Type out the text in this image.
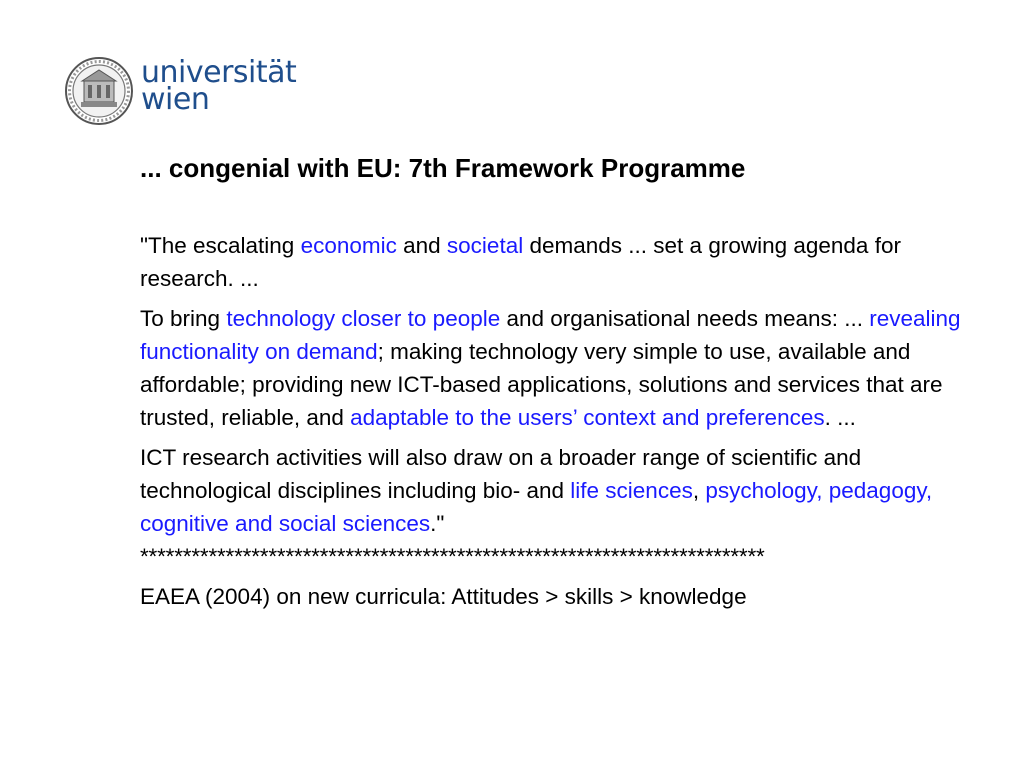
universität
wien
... congenial with EU: 7th Framework Programme

"The escalating economic and societal demands ... set a growing agenda for research. ...

To bring technology closer to people and organisational needs means: ... revealing functionality on demand; making technology very simple to use, available and affordable; providing new ICT-based applications, solutions and services that are trusted, reliable, and adaptable to the users’ context and preferences. ...

ICT research activities will also draw on a broader range of scientific and technological disciplines including bio- and life sciences, psychology, pedagogy, cognitive and social sciences."

*************************************************************************

EAEA (2004) on new curricula: Attitudes > skills > knowledge
